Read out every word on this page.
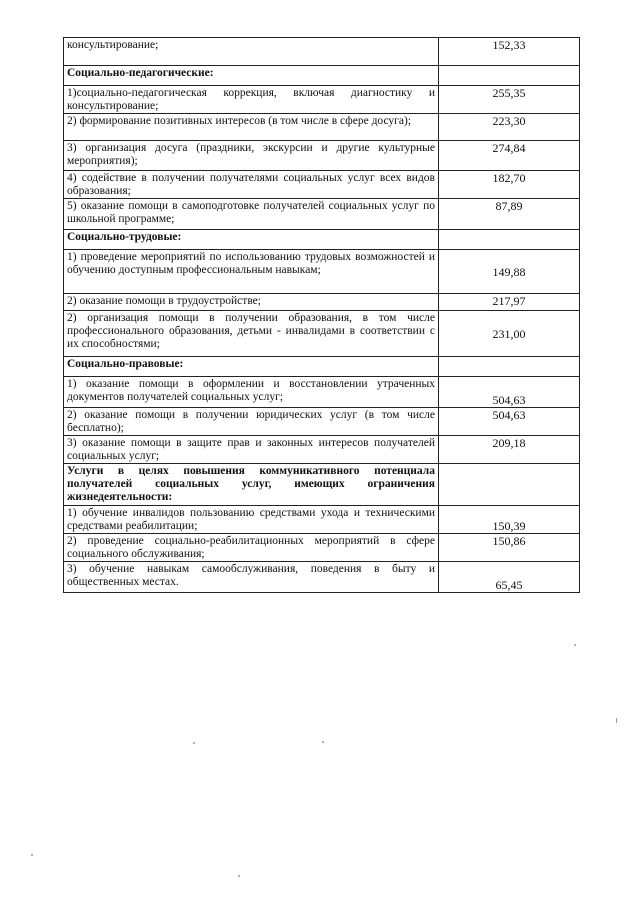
консультирование;	152,33
Социально-педагогические:	
1)социально-педагогическая коррекция, включая диагностику и консультирование;	255,35
2) формирование позитивных интересов (в том числе в сфере досуга);	223,30
3) организация досуга (праздники, экскурсии и другие культурные мероприятия);	274,84
4) содействие в получении получателями социальных услуг всех видов образования;	182,70
5) оказание помощи в самоподготовке получателей социальных услуг по школьной программе;	87,89
Социально-трудовые:	
1) проведение мероприятий по использованию трудовых возможностей и обучению доступным профессиональным навыкам;	149,88
2) оказание помощи в трудоустройстве;	217,97
2) организация помощи в получении образования, в том числе профессионального образования, детьми - инвалидами в соответствии с их способностями;	231,00
Социально-правовые:	
1) оказание помощи в оформлении и восстановлении утраченных документов получателей социальных услуг;	504,63
2) оказание помощи в получении юридических услуг (в том числе бесплатно);	504,63
3) оказание помощи в защите прав и законных интересов получателей социальных услуг;	209,18
Услуги в целях повышения коммуникативного потенциала получателей социальных услуг, имеющих ограничения жизнедеятельности:	
1) обучение инвалидов пользованию средствами ухода и техническими средствами реабилитации;	150,39
2) проведение социально-реабилитационных мероприятий в сфере социального обслуживания;	150,86
3) обучение навыкам самообслуживания, поведения в быту и общественных местах.	65,45
